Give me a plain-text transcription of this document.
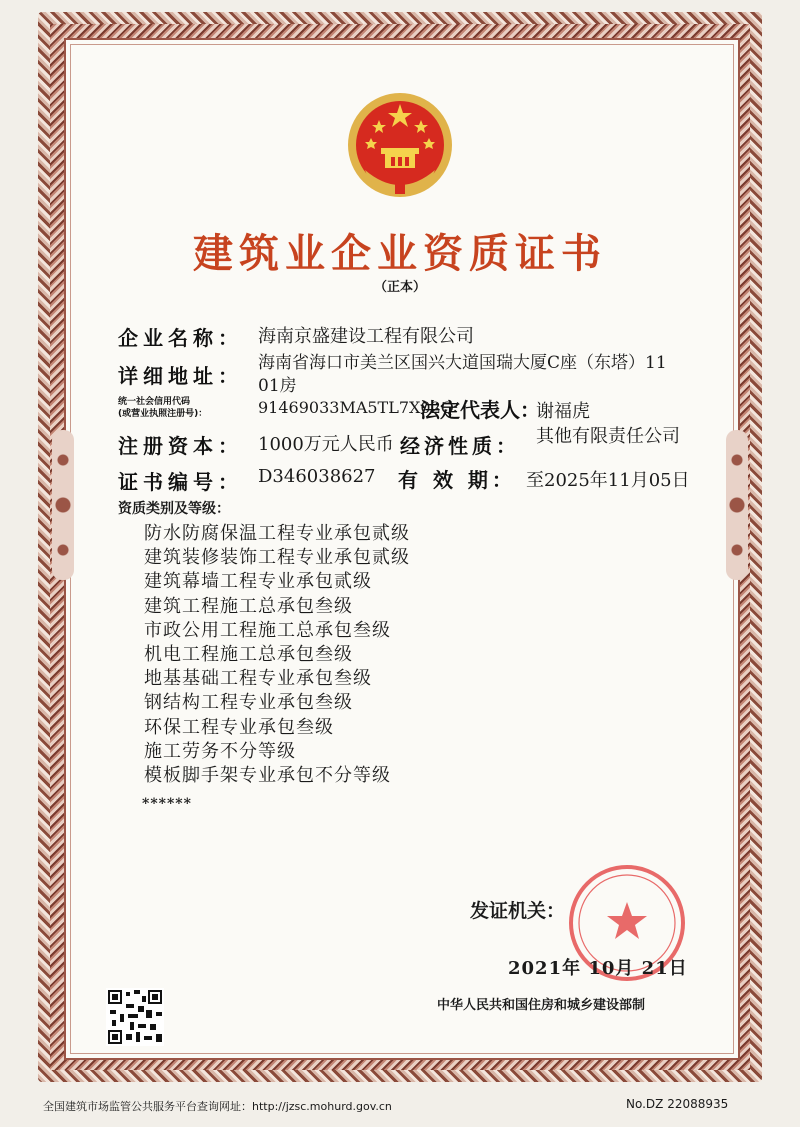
建筑业企业资质证书
（正本）
企业名称： 海南京盛建设工程有限公司
详细地址：
海南省海口市美兰区国兴大道国瑞大厦C座（东塔）11
01房
统一社会信用代码
(或营业执照注册号)：	91469033MA5TL7X02Q
法定代表人：
谢福虎
注册资本： 1000万元人民币 经济性质： 其他有限责任公司
证书编号： D346038627 有 效 期： 至2025年11月05日
资质类别及等级：
防水防腐保温工程专业承包贰级
建筑装修装饰工程专业承包贰级
建筑幕墙工程专业承包贰级
建筑工程施工总承包叁级
市政公用工程施工总承包叁级
机电工程施工总承包叁级
地基基础工程专业承包叁级
钢结构工程专业承包叁级
环保工程专业承包叁级
施工劳务不分等级
模板脚手架专业承包不分等级
******
发证机关：
2021年 10月 21日
中华人民共和国住房和城乡建设部制
全国建筑市场监管公共服务平台查询网址：http://jzsc.mohurd.gov.cn	No.DZ 22088935
